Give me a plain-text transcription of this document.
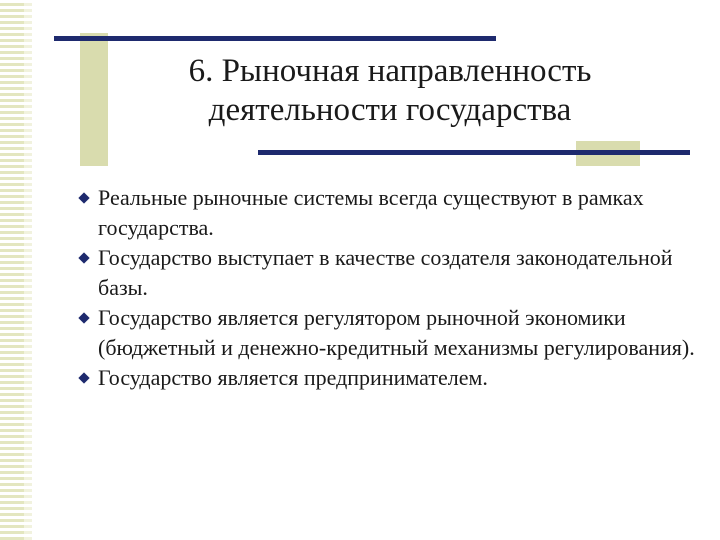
6. Рыночная направленность
деятельности государства
Реальные рыночные системы всегда существуют в рамках государства.
Государство выступает в качестве создателя законодательной базы.
Государство является регулятором рыночной экономики (бюджетный и денежно-кредитный механизмы регулирования).
Государство является предпринимателем.
